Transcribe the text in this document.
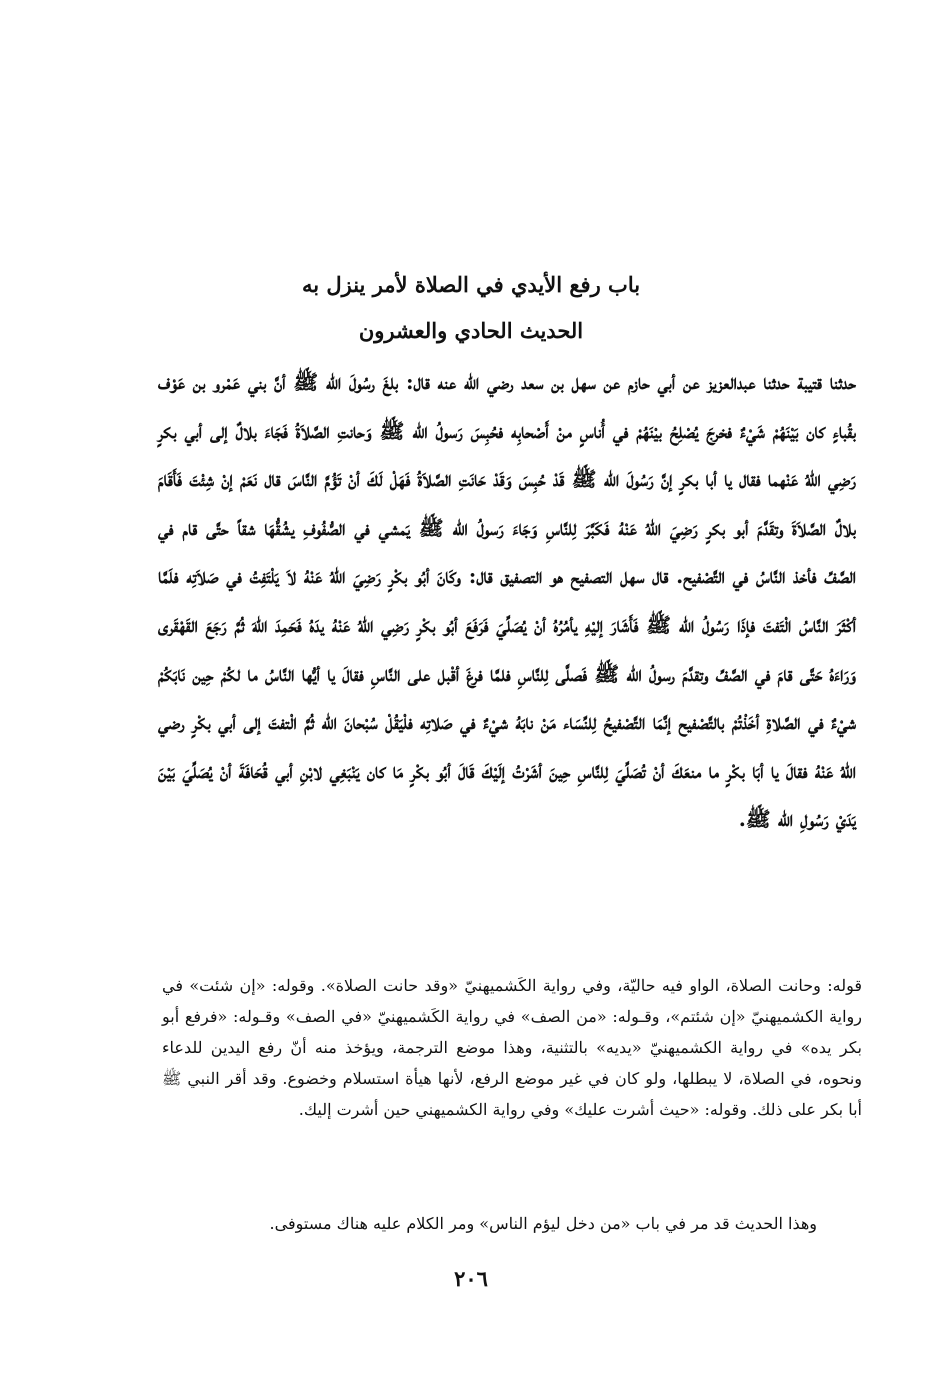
باب رفع الأيدي في الصلاة لأمر ينزل به

الحديث الحادي والعشرون

حدثنا قتيبة حدثنا عبدالعزيز عن أبي حازم عن سهل بن سعد رضي الله عنه قال: بلغَ رسُولَ الله ﷺ أنَّ بني عَمْرو بن عَوْف بقُباءٍ كان بَيْنَهُمْ شَيْءٌ فخرجَ يُصْلِحُ بيْنَهُمْ في أُناسٍ منْ أَصْحابِه فحُبِسَ رَسولُ الله ﷺ وَحانتِ الصَّلاَةُ فَجَاءَ بلالٌ إلى أبي بكرٍ رَضِي اللهُ عَنْهما فقال يا أبا بكرٍ إنَّ رَسُولَ الله ﷺ قَدْ حُبِسَ وَقَدْ حَانَتِ الصَّلاَةُ فَهَلْ لَكَ أنْ تَؤُمَّ النَّاسَ قال نَعَمْ إنْ شِئْتَ فَأَقَامَ بلالٌ الصَّلاَةَ وتقَدَّمَ أبو بكرٍ رَضِيَ اللهُ عَنْهُ فَكَبَّرَ لِلنَّاسِ وَجَاءَ رَسولُ الله ﷺ يَمشي في الصُّفُوفِ يشُقُّهَا شقاً حتَّى قام في الصَّفِّ فأخذ النَّاسُ في التَّصْفيح. قال سهل التصفيح هو التصفيق قال: وكَانَ أبُو بكْرٍ رَضِيَ اللهُ عَنْهُ لاَ يَلْتَفِتُ في صَلاَتِه فلَمَّا أكْثَرَ النَّاسُ الْتَفتَ فإذَا رَسُولُ الله ﷺ فَأَشَارَ إليْهِ يأمُرُهُ أنْ يُصَلِّيَ فَرَفَعَ أبُو بكْرٍ رَضِي اللهُ عَنْهُ يدَهُ فَحَمِدَ اللهَ ثُمَّ رَجَعَ القَهْقَرى وَرَاءَهُ حَتَّى قامَ في الصَّفِّ وتقدَّمَ رسولُ الله ﷺ فَصلَّى لِلنَّاسِ فلمَّا فرغَ أقْبل على النَّاسِ فقالَ يا أيُّها النَّاسُ ما لكُمْ حِين نَابَكُمْ شيْءٌ في الصَّلاةِ أخَذْتُمْ بالتَّصْفيح إنَّمَا التَّصْفيحُ لِلنِّسَاء مَنْ نابَهُ شيْءٌ في صَلاتِه فلْيَقُلْ سُبْحانَ الله ثُمَّ الْتفتَ إلى أبي بكْرٍ رضي اللهُ عَنْهُ فقالَ يا أبَا بكْرٍ ما منعَكَ أنْ تُصَلِّيَ لِلنَّاسِ حِينَ أشَرْتُ إلَيْكَ قَالَ أبُو بكْرٍ مَا كان يَنْبَغِي لابْنِ أبي قُحَافَةَ أنْ يُصَلِّيَ بَيْنَ يَدَيْ رَسُولِ الله ﷺ.

قوله: وحانت الصلاة، الواو فيه حاليّة، وفي رواية الكَشميهنيّ «وقد حانت الصلاة». وقوله: «إن شئت» في رواية الكشميهنيّ «إن شئتم»، وقـوله: «من الصف» في رواية الكَشميهنيّ «في الصف» وقـوله: «فرفع أبو بكر يده» في رواية الكشميهنيّ «يديه» بالتثنية، وهذا موضع الترجمة، ويؤخذ منه أنّ رفع اليدين للدعاء ونحوه، في الصلاة، لا يبطلها، ولو كان في غير موضع الرفع، لأنها هيأة استسلام وخضوع. وقد أقر النبي ﷺ أبا بكر على ذلك. وقوله: «حيث أشرت عليك» وفي رواية الكشميهني حين أشرت إليك.

وهذا الحديث قد مر في باب «من دخل ليؤم الناس» ومر الكلام عليه هناك مستوفى.

٢٠٦
